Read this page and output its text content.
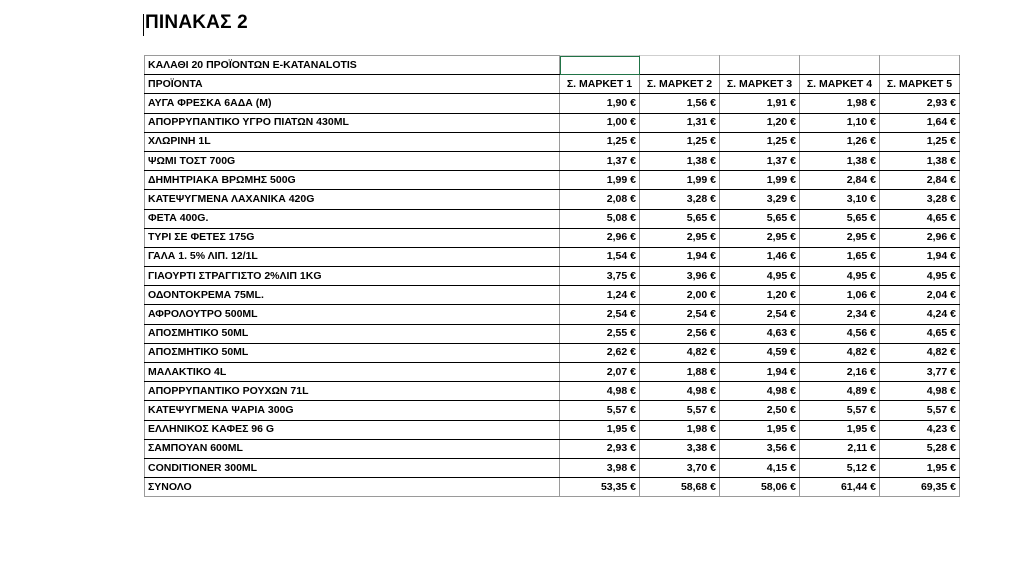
ΠΙΝΑΚΑΣ 2
ΚΑΛΑΘΙ 20 ΠΡΟΪΟΝΤΩΝ E-KATANALOTIS					
ΠΡΟΪΟΝΤΑ	Σ. ΜΑΡΚΕΤ 1	Σ. ΜΑΡΚΕΤ 2	Σ. ΜΑΡΚΕΤ 3	Σ. ΜΑΡΚΕΤ 4	Σ. ΜΑΡΚΕΤ 5
ΑΥΓΑ ΦΡΕΣΚΑ 6ΑΔΑ (Μ)	1,90 €	1,56 €	1,91 €	1,98 €	2,93 €
ΑΠΟΡΡΥΠΑΝΤΙΚΟ ΥΓΡΟ ΠΙΑΤΩΝ 430ML	1,00 €	1,31 €	1,20 €	1,10 €	1,64 €
ΧΛΩΡΙΝΗ 1L	1,25 €	1,25 €	1,25 €	1,26 €	1,25 €
ΨΩΜΙ ΤΟΣΤ 700G	1,37 €	1,38 €	1,37 €	1,38 €	1,38 €
ΔΗΜΗΤΡΙΑΚΑ ΒΡΩΜΗΣ 500G	1,99 €	1,99 €	1,99 €	2,84 €	2,84 €
ΚΑΤΕΨΥΓΜΕΝΑ ΛΑΧΑΝΙΚΑ 420G	2,08 €	3,28 €	3,29 €	3,10 €	3,28 €
ΦΕΤΑ 400G.	5,08 €	5,65 €	5,65 €	5,65 €	4,65 €
ΤΥΡΙ ΣΕ ΦΕΤΕΣ 175G	2,96 €	2,95 €	2,95 €	2,95 €	2,96 €
ΓΑΛΑ 1. 5% ΛΙΠ. 12/1L	1,54 €	1,94 €	1,46 €	1,65 €	1,94 €
ΓΙΑΟΥΡΤΙ ΣΤΡΑΓΓΙΣΤΟ 2%ΛΙΠ 1KG	3,75 €	3,96 €	4,95 €	4,95 €	4,95 €
ΟΔΟΝΤΟΚΡΕΜΑ 75ML.	1,24 €	2,00 €	1,20 €	1,06 €	2,04 €
ΑΦΡΟΛΟΥΤΡΟ 500ML	2,54 €	2,54 €	2,54 €	2,34 €	4,24 €
ΑΠΟΣΜΗΤΙΚΟ 50ML	2,55 €	2,56 €	4,63 €	4,56 €	4,65 €
ΑΠΟΣΜΗΤΙΚΟ 50ML	2,62 €	4,82 €	4,59 €	4,82 €	4,82 €
ΜΑΛΑΚΤΙΚΟ 4L	2,07 €	1,88 €	1,94 €	2,16 €	3,77 €
ΑΠΟΡΡΥΠΑΝΤΙΚΟ ΡΟΥΧΩΝ 71L	4,98 €	4,98 €	4,98 €	4,89 €	4,98 €
ΚΑΤΕΨΥΓΜΕΝΑ ΨΑΡΙΑ 300G	5,57 €	5,57 €	2,50 €	5,57 €	5,57 €
ΕΛΛΗΝΙΚΟΣ ΚΑΦΕΣ 96 G	1,95 €	1,98 €	1,95 €	1,95 €	4,23 €
ΣΑΜΠΟΥΑΝ 600ML	2,93 €	3,38 €	3,56 €	2,11 €	5,28 €
CONDITIONER 300ML	3,98 €	3,70 €	4,15 €	5,12 €	1,95 €
ΣΥΝΟΛΟ	53,35 €	58,68 €	58,06 €	61,44 €	69,35 €
